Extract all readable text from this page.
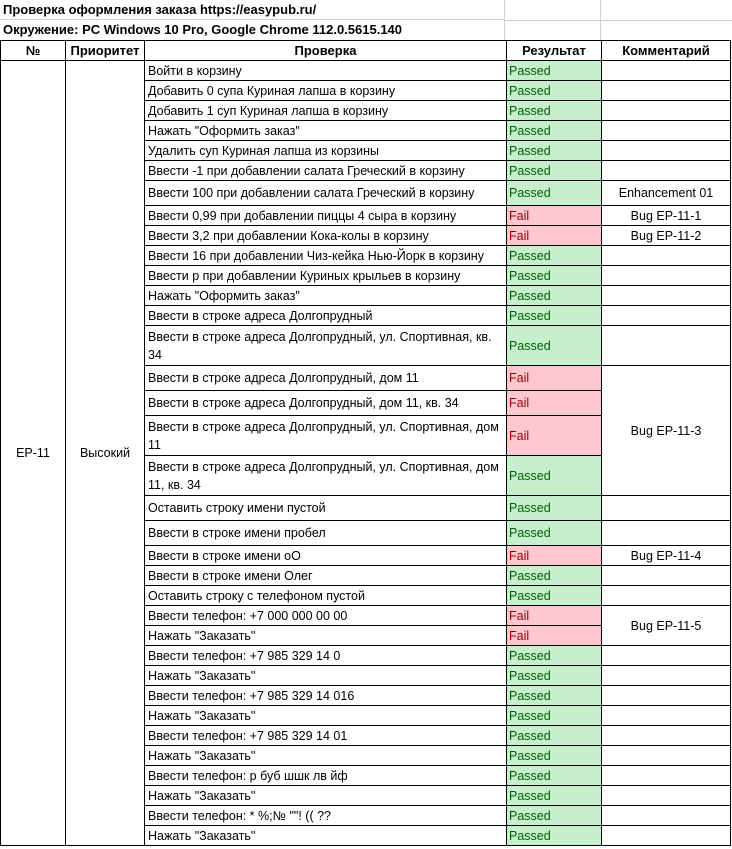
Проверка оформления заказа https://easypub.ru/
Окружение: PC Windows 10 Pro, Google Chrome 112.0.5615.140
№	Приоритет	Проверка	Результат	Комментарий
EP-11	Высокий	Войти в корзину	Passed	
		Добавить 0 супа Куриная лапша в корзину	Passed	
		Добавить 1 суп Куриная лапша в корзину	Passed	
		Нажать "Оформить заказ"	Passed	
		Удалить суп Куриная лапша из корзины	Passed	
		Ввести -1 при добавлении салата Греческий в корзину	Passed	
		Ввести 100 при добавлении салата Греческий в корзину	Passed	Enhancement 01
		Ввести 0,99 при добавлении пиццы 4 сыра в корзину	Fail	Bug EP-11-1
		Ввести 3,2 при добавлении Кока-колы в корзину	Fail	Bug EP-11-2
		Ввести 16 при добавлении Чиз-кейка Нью-Йорк в корзину	Passed	
		Ввести р при добавлении Куриных крыльев в корзину	Passed	
		Нажать "Оформить заказ"	Passed	
		Ввести в строке адреса Долгопрудный	Passed	
		Ввести в строке адреса Долгопрудный, ул. Спортивная, кв. 34	Passed	
		Ввести в строке адреса Долгопрудный, дом 11	Fail	Bug EP-11-3
		Ввести в строке адреса Долгопрудный, дом 11, кв. 34	Fail	
		Ввести в строке адреса Долгопрудный, ул. Спортивная, дом 11	Fail	
		Ввести в строке адреса Долгопрудный, ул. Спортивная, дом 11, кв. 34	Passed	
		Оставить строку имени пустой	Passed	
		Ввести в строке имени пробел	Passed	
		Ввести в строке имени оО	Fail	Bug EP-11-4
		Ввести в строке имени Олег	Passed	
		Оставить строку с телефоном пустой	Passed	
		Ввести телефон: +7 000 000 00 00	Fail	Bug EP-11-5
		Нажать "Заказать"	Fail	
		Ввести телефон: +7 985 329 14 0	Passed	
		Нажать "Заказать"	Passed	
		Ввести телефон: +7 985 329 14 016	Passed	
		Нажать "Заказать"	Passed	
		Ввести телефон: +7 985 329 14 01	Passed	
		Нажать "Заказать"	Passed	
		Ввести телефон: р буб шшк лв йф	Passed	
		Нажать "Заказать"	Passed	
		Ввести телефон: * %;№ ""! (( ??	Passed	
		Нажать "Заказать"	Passed	
